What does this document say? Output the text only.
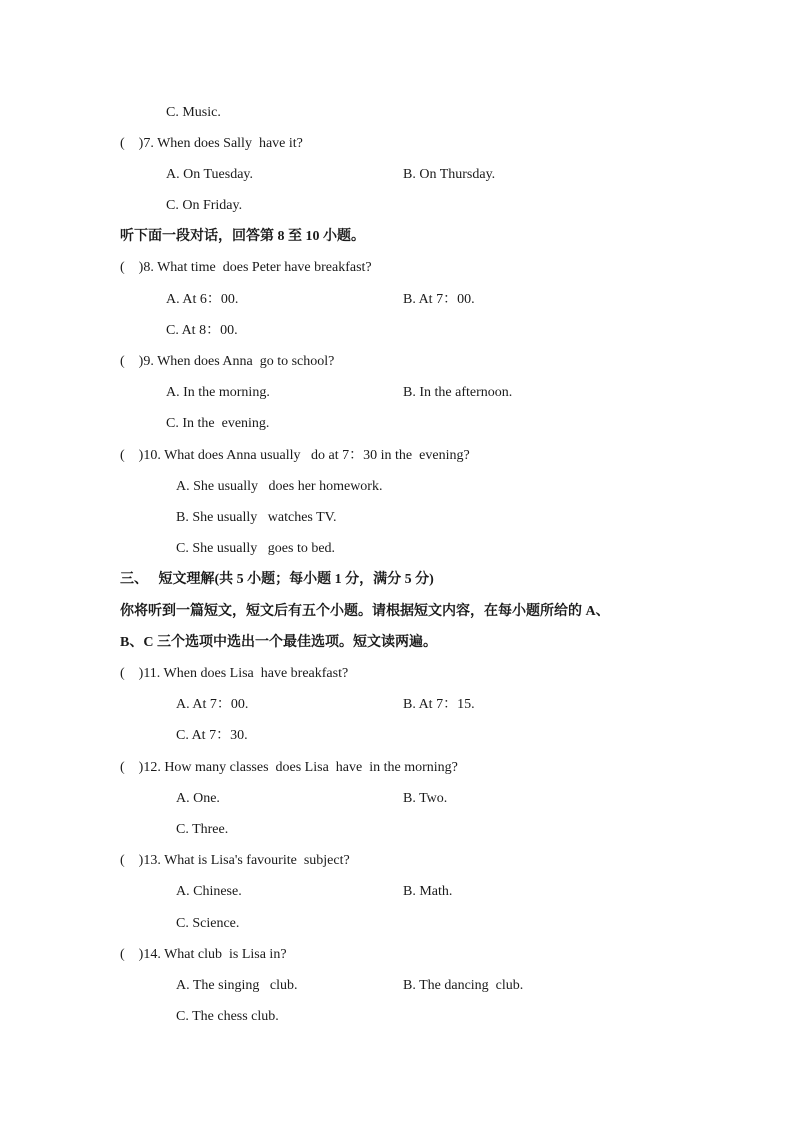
C. Music.
(    )7. When does Sally  have it?
A. On Tuesday.	B. On Thursday.
C. On Friday.
听下面一段对话，回答第 8 至 10 小题。
(    )8. What time  does Peter have breakfast?
A. At 6：00.	B. At 7：00.
C. At 8：00.
(    )9. When does Anna  go to school?
A. In the morning.	B. In the afternoon.
C. In the  evening.
(    )10. What does Anna usually   do at 7：30 in the  evening?
A. She usually   does her homework.
B. She usually   watches TV.
C. She usually   goes to bed.
三、   短文理解(共 5 小题；每小题 1 分，满分 5 分)
你将听到一篇短文，短文后有五个小题。请根据短文内容，在每小题所给的 A、
B、C 三个选项中选出一个最佳选项。短文读两遍。
(    )11. When does Lisa  have breakfast?
A. At 7：00.	B. At 7：15.
C. At 7：30.
(    )12. How many classes  does Lisa  have  in the morning?
A. One.	B. Two.
C. Three.
(    )13. What is Lisa's favourite  subject?
A. Chinese.	B. Math.
C. Science.
(    )14. What club  is Lisa in?
A. The singing   club.	B. The dancing  club.
C. The chess club.
